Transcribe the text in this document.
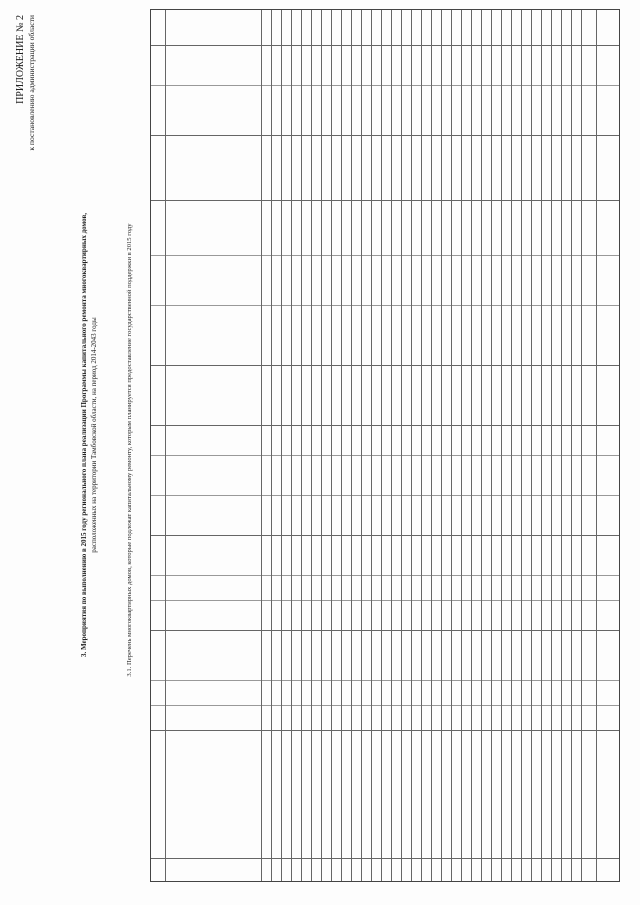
ПРИЛОЖЕНИЕ № 2 к постановлению администрации области
3. Мероприятия по выполнению в 2015 году регионального плана реализации Программы капитального ремонта многоквартирных домов, расположенных на территории Тамбовской области, на период 2014-2043 годы	3.1. Перечень многоквартирных домов, которые подлежат капитальному ремонту, которым планируется предоставление государственной поддержки в 2015 году
